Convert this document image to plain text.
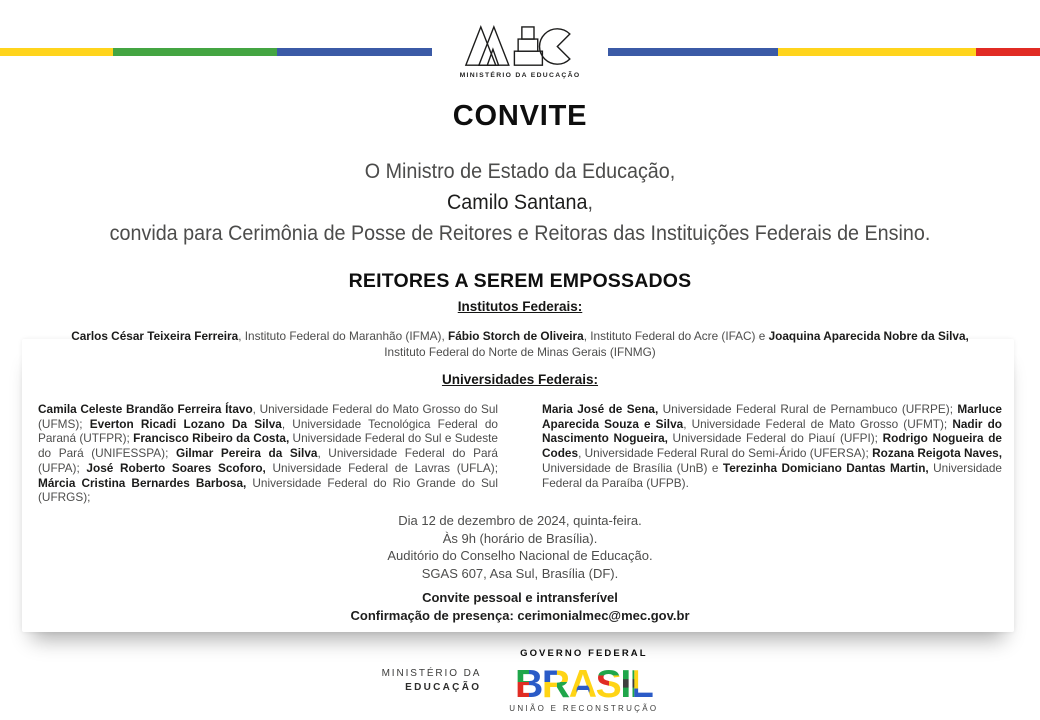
MINISTÉRIO DA EDUCAÇÃO
CONVITE
O Ministro de Estado da Educação,
Camilo Santana,
convida para Cerimônia de Posse de Reitores e Reitoras das Instituições Federais de Ensino.
REITORES A SEREM EMPOSSADOS
Institutos Federais:
Carlos César Teixeira Ferreira, Instituto Federal do Maranhão (IFMA), Fábio Storch de Oliveira, Instituto Federal do Acre (IFAC) e Joaquina Aparecida Nobre da Silva, Instituto Federal do Norte de Minas Gerais (IFNMG)
Universidades Federais:
Camila Celeste Brandão Ferreira Ítavo, Universidade Federal do Mato Grosso do Sul (UFMS); Everton Ricadi Lozano Da Silva, Universidade Tecnológica Federal do Paraná (UTFPR); Francisco Ribeiro da Costa, Universidade Federal do Sul e Sudeste do Pará (UNIFESSPA); Gilmar Pereira da Silva, Universidade Federal do Pará (UFPA); José Roberto Soares Scoforo, Universidade Federal de Lavras (UFLA); Márcia Cristina Bernardes Barbosa, Universidade Federal do Rio Grande do Sul (UFRGS);
Maria José de Sena, Universidade Federal Rural de Pernambuco (UFRPE); Marluce Aparecida Souza e Silva, Universidade Federal de Mato Grosso (UFMT); Nadir do Nascimento Nogueira, Universidade Federal do Piauí (UFPI); Rodrigo Nogueira de Codes, Universidade Federal Rural do Semi-Árido (UFERSA); Rozana Reigota Naves, Universidade de Brasília (UnB) e Terezinha Domiciano Dantas Martin, Universidade Federal da Paraíba (UFPB).
Dia 12 de dezembro de 2024, quinta-feira.
Às 9h (horário de Brasília).
Auditório do Conselho Nacional de Educação.
SGAS 607, Asa Sul, Brasília (DF).
Convite pessoal e intransferível
Confirmação de presença: cerimonialmec@mec.gov.br
MINISTÉRIO DA
EDUCAÇÃO
GOVERNO FEDERAL
UNIÃO E RECONSTRUÇÃO
